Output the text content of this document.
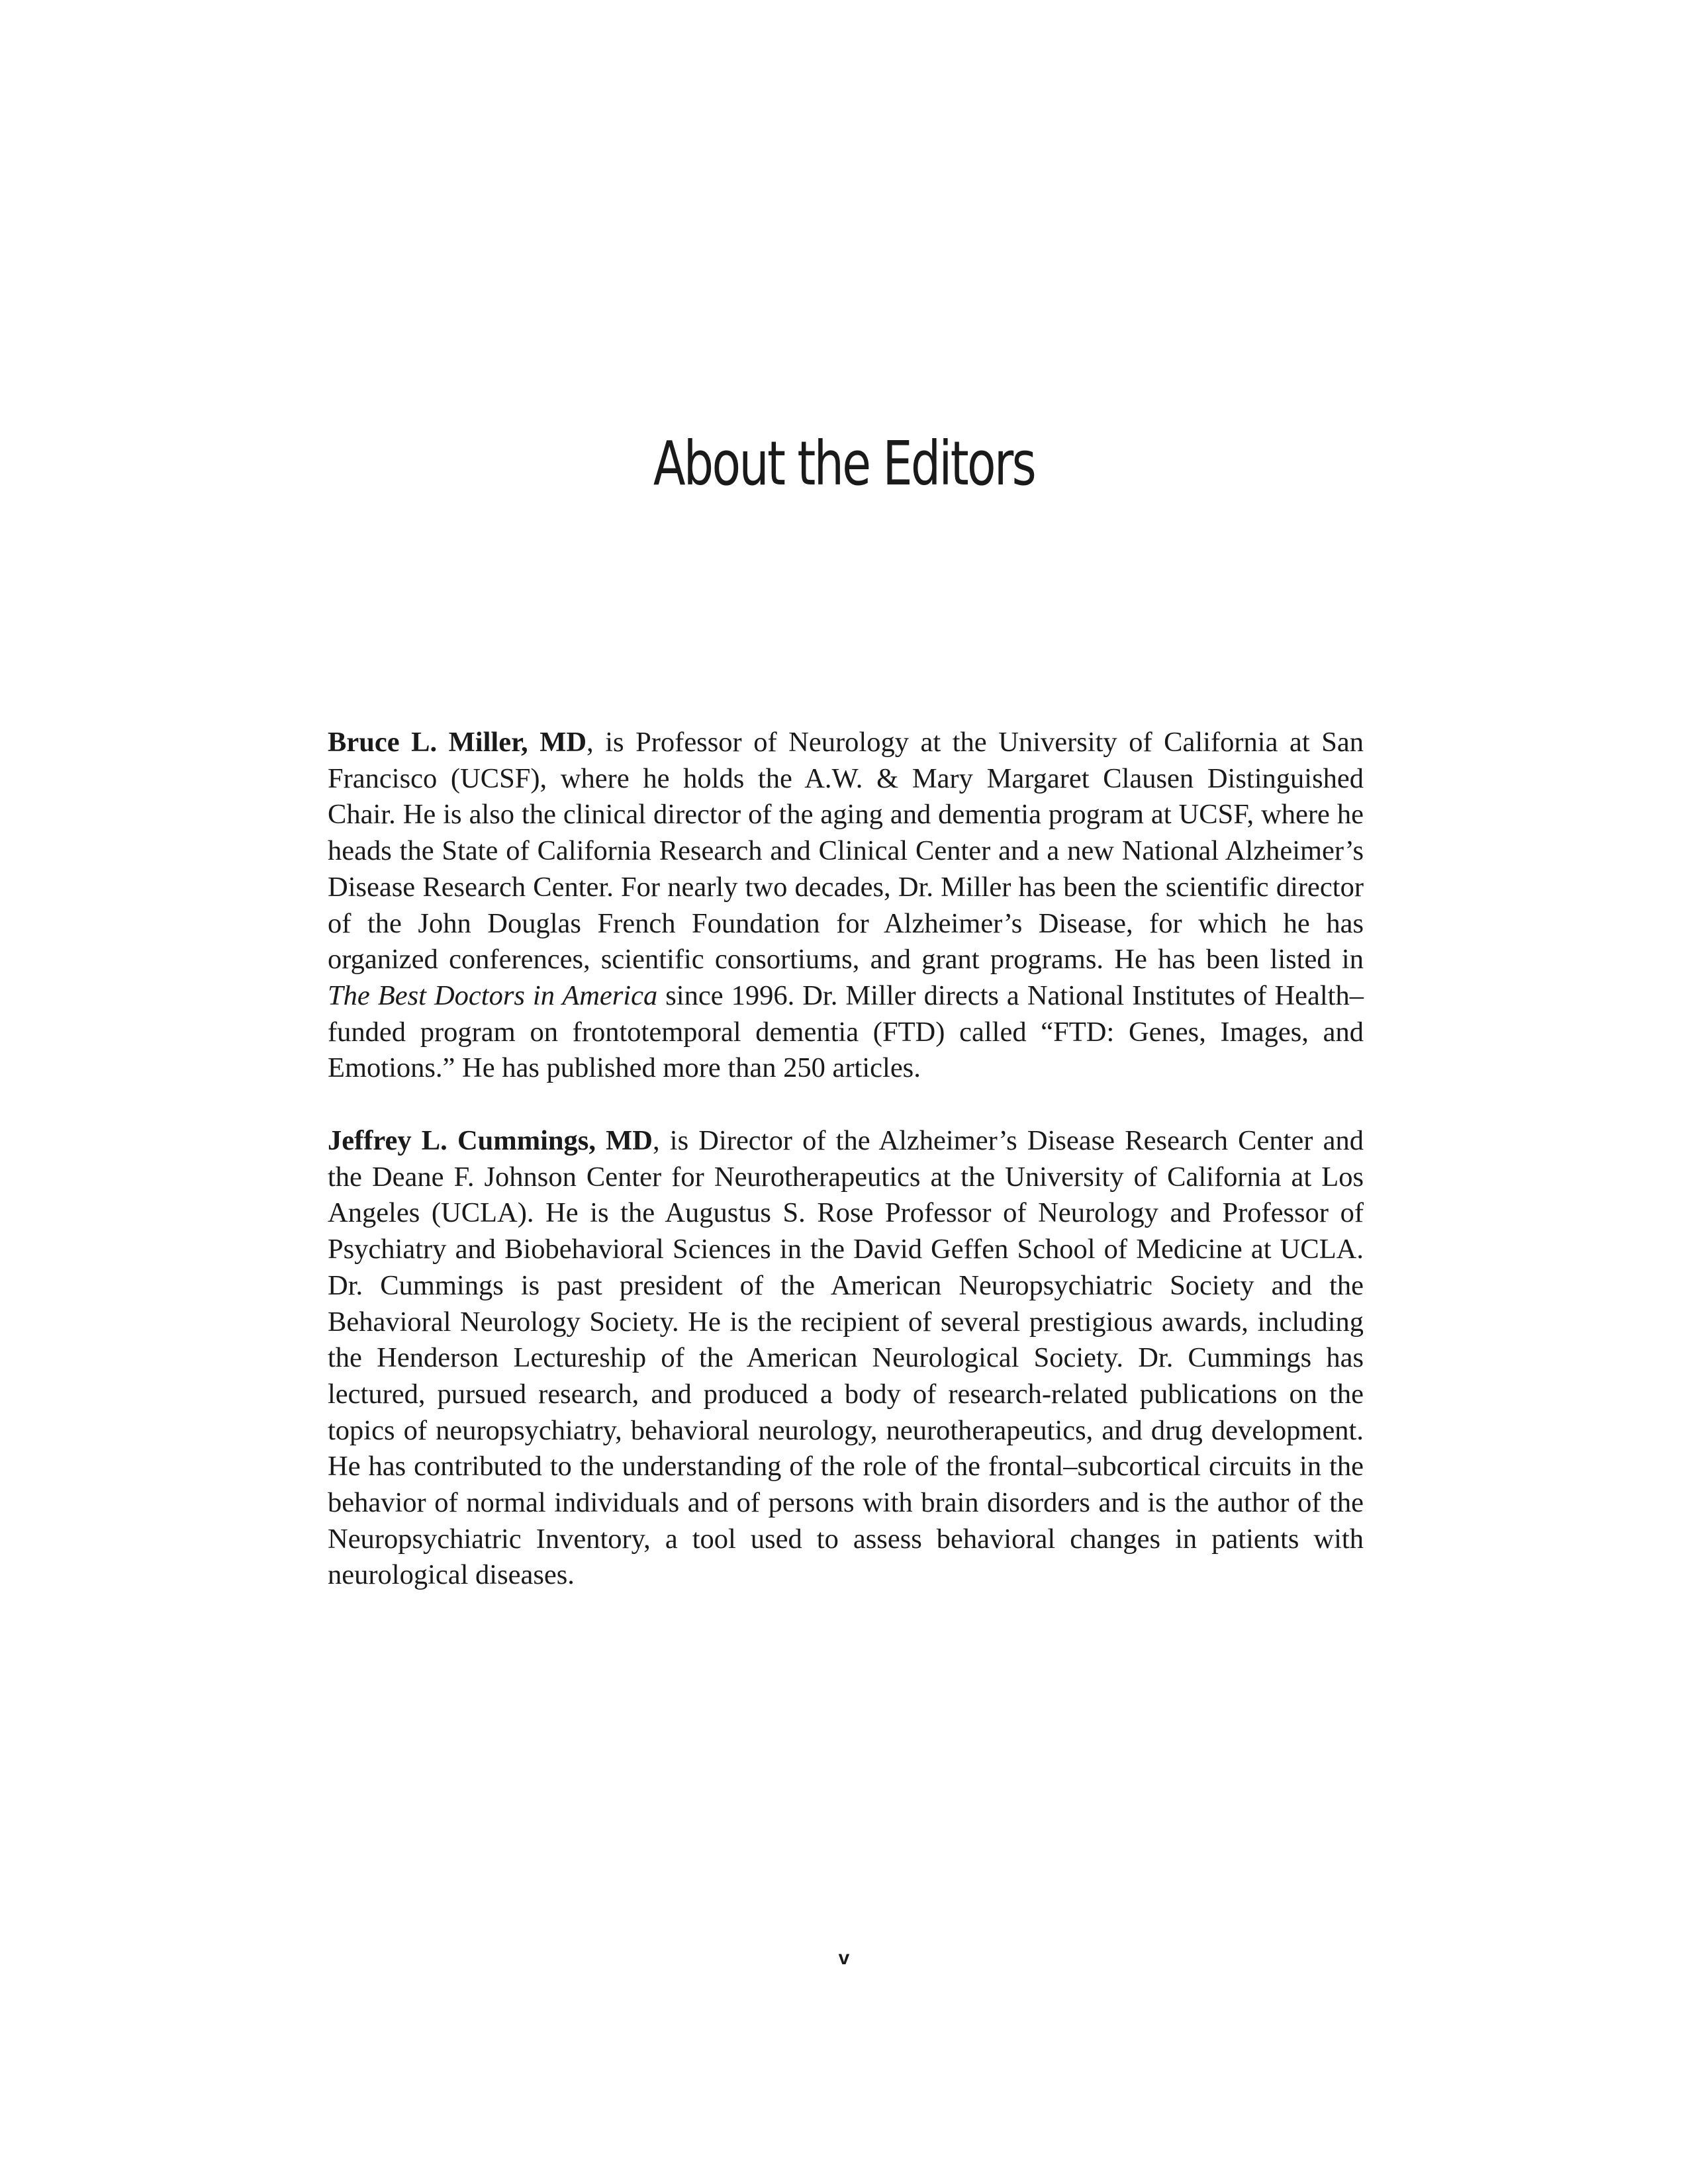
About the Editors

Bruce L. Miller, MD, is Professor of Neurology at the University of California at San Francisco (UCSF), where he holds the A.W. & Mary Margaret Clausen Distinguished Chair. He is also the clinical director of the aging and dementia program at UCSF, where he heads the State of California Research and Clinical Center and a new National Alzheimer’s Disease Research Center. For nearly two decades, Dr. Miller has been the scientific director of the John Douglas French Foundation for Alzheimer’s Disease, for which he has organized conferences, scientific consortiums, and grant programs. He has been listed in The Best Doctors in America since 1996. Dr. Miller directs a National Institutes of Health–funded program on frontotemporal dementia (FTD) called “FTD: Genes, Images, and Emotions.” He has published more than 250 articles.

Jeffrey L. Cummings, MD, is Director of the Alzheimer’s Disease Research Center and the Deane F. Johnson Center for Neurotherapeutics at the University of California at Los Angeles (UCLA). He is the Augustus S. Rose Professor of Neurology and Professor of Psychiatry and Biobehavioral Sciences in the David Geffen School of Medicine at UCLA. Dr. Cummings is past president of the American Neuropsychiatric Society and the Behavioral Neurology Society. He is the recipient of several prestigious awards, including the Henderson Lectureship of the American Neurological Society. Dr. Cummings has lectured, pursued research, and produced a body of research-related publications on the topics of neuropsychiatry, behavioral neurology, neurotherapeutics, and drug development. He has contributed to the understanding of the role of the frontal–subcortical circuits in the behavior of normal individuals and of persons with brain disorders and is the author of the Neuropsychiatric Inventory, a tool used to assess behavioral changes in patients with neurological diseases.

v
